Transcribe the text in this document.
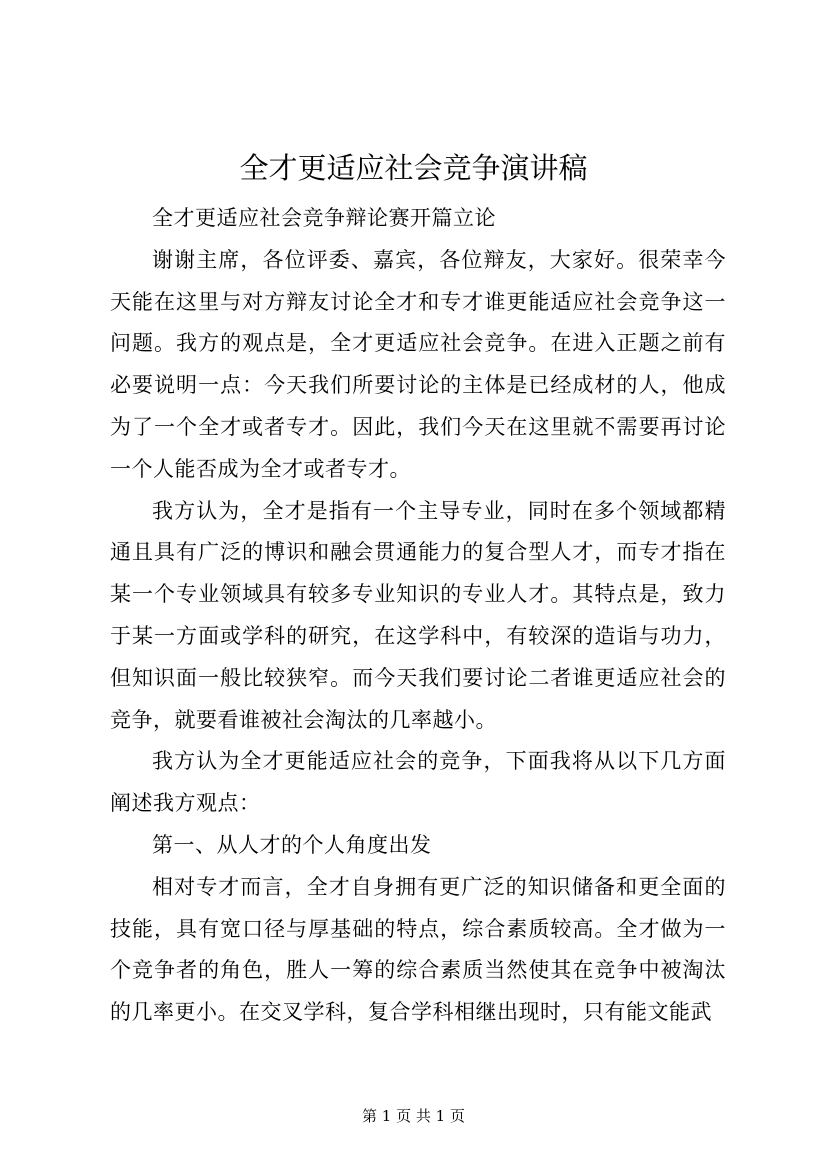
全才更适应社会竞争演讲稿

全才更适应社会竞争辩论赛开篇立论

谢谢主席，各位评委、嘉宾，各位辩友，大家好。很荣幸今天能在这里与对方辩友讨论全才和专才谁更能适应社会竞争这一问题。我方的观点是，全才更适应社会竞争。在进入正题之前有必要说明一点：今天我们所要讨论的主体是已经成材的人，他成为了一个全才或者专才。因此，我们今天在这里就不需要再讨论一个人能否成为全才或者专才。

我方认为，全才是指有一个主导专业，同时在多个领域都精通且具有广泛的博识和融会贯通能力的复合型人才，而专才指在某一个专业领域具有较多专业知识的专业人才。其特点是，致力于某一方面或学科的研究，在这学科中，有较深的造诣与功力，但知识面一般比较狭窄。而今天我们要讨论二者谁更适应社会的竞争，就要看谁被社会淘汰的几率越小。

我方认为全才更能适应社会的竞争，下面我将从以下几方面阐述我方观点：

第一、从人才的个人角度出发

相对专才而言，全才自身拥有更广泛的知识储备和更全面的技能，具有宽口径与厚基础的特点，综合素质较高。全才做为一个竞争者的角色，胜人一筹的综合素质当然使其在竞争中被淘汰的几率更小。在交叉学科，复合学科相继出现时，只有能文能武

第 1 页 共 1 页
